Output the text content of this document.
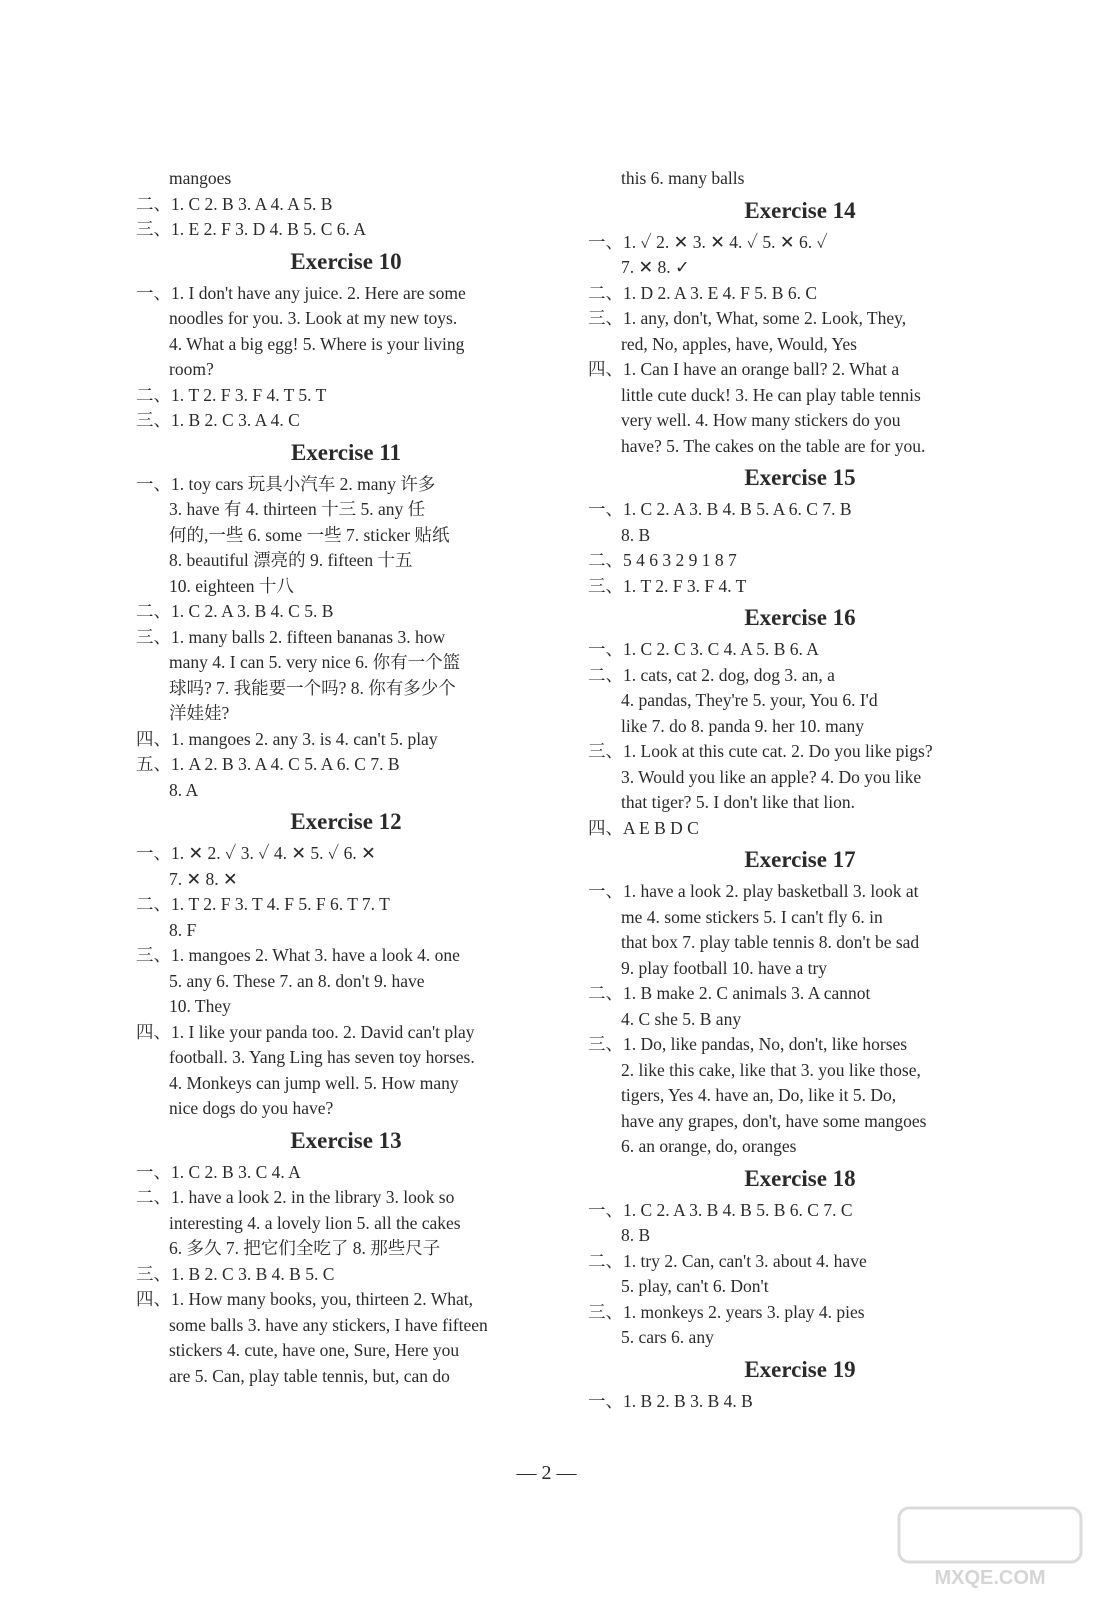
mangoes
二、1. C 2. B 3. A 4. A 5. B
三、1. E 2. F 3. D 4. B 5. C 6. A
Exercise 10
一、1. I don't have any juice. 2. Here are some
noodles for you. 3. Look at my new toys.
4. What a big egg! 5. Where is your living
room?
二、1. T 2. F 3. F 4. T 5. T
三、1. B 2. C 3. A 4. C
Exercise 11
一、1. toy cars 玩具小汽车 2. many 许多
3. have 有 4. thirteen 十三 5. any 任
何的,一些 6. some 一些 7. sticker 贴纸
8. beautiful 漂亮的 9. fifteen 十五
10. eighteen 十八
二、1. C 2. A 3. B 4. C 5. B
三、1. many balls 2. fifteen bananas 3. how
many 4. I can 5. very nice 6. 你有一个篮
球吗? 7. 我能要一个吗? 8. 你有多少个
洋娃娃?
四、1. mangoes 2. any 3. is 4. can't 5. play
五、1. A 2. B 3. A 4. C 5. A 6. C 7. B
8. A
Exercise 12
一、1. ✕ 2. ✓ 3. ✓ 4. ✕ 5. ✓ 6. ✕
7. ✕ 8. ✕
二、1. T 2. F 3. T 4. F 5. F 6. T 7. T
8. F
三、1. mangoes 2. What 3. have a look 4. one
5. any 6. These 7. an 8. don't 9. have
10. They
四、1. I like your panda too. 2. David can't play
football. 3. Yang Ling has seven toy horses.
4. Monkeys can jump well. 5. How many
nice dogs do you have?
Exercise 13
一、1. C 2. B 3. C 4. A
二、1. have a look 2. in the library 3. look so
interesting 4. a lovely lion 5. all the cakes
6. 多久 7. 把它们全吃了 8. 那些尺子
三、1. B 2. C 3. B 4. B 5. C
四、1. How many books, you, thirteen 2. What,
some balls 3. have any stickers, I have fifteen
stickers 4. cute, have one, Sure, Here you
are 5. Can, play table tennis, but, can do
this 6. many balls
Exercise 14
一、1. ✓ 2. ✕ 3. ✕ 4. ✓ 5. ✕ 6. ✓
7. ✕ 8. ✓
二、1. D 2. A 3. E 4. F 5. B 6. C
三、1. any, don't, What, some 2. Look, They,
red, No, apples, have, Would, Yes
四、1. Can I have an orange ball? 2. What a
little cute duck! 3. He can play table tennis
very well. 4. How many stickers do you
have? 5. The cakes on the table are for you.
Exercise 15
一、1. C 2. A 3. B 4. B 5. A 6. C 7. B
8. B
二、5 4 6 3 2 9 1 8 7
三、1. T 2. F 3. F 4. T
Exercise 16
一、1. C 2. C 3. C 4. A 5. B 6. A
二、1. cats, cat 2. dog, dog 3. an, a
4. pandas, They're 5. your, You 6. I'd
like 7. do 8. panda 9. her 10. many
三、1. Look at this cute cat. 2. Do you like pigs?
3. Would you like an apple? 4. Do you like
that tiger? 5. I don't like that lion.
四、A E B D C
Exercise 17
一、1. have a look 2. play basketball 3. look at
me 4. some stickers 5. I can't fly 6. in
that box 7. play table tennis 8. don't be sad
9. play football 10. have a try
二、1. B make 2. C animals 3. A cannot
4. C she 5. B any
三、1. Do, like pandas, No, don't, like horses
2. like this cake, like that 3. you like those,
tigers, Yes 4. have an, Do, like it 5. Do,
have any grapes, don't, have some mangoes
6. an orange, do, oranges
Exercise 18
一、1. C 2. A 3. B 4. B 5. B 6. C 7. C
8. B
二、1. try 2. Can, can't 3. about 4. have
5. play, can't 6. Don't
三、1. monkeys 2. years 3. play 4. pies
5. cars 6. any
Exercise 19
一、1. B 2. B 3. B 4. B
— 2 —
MXQE.COM
